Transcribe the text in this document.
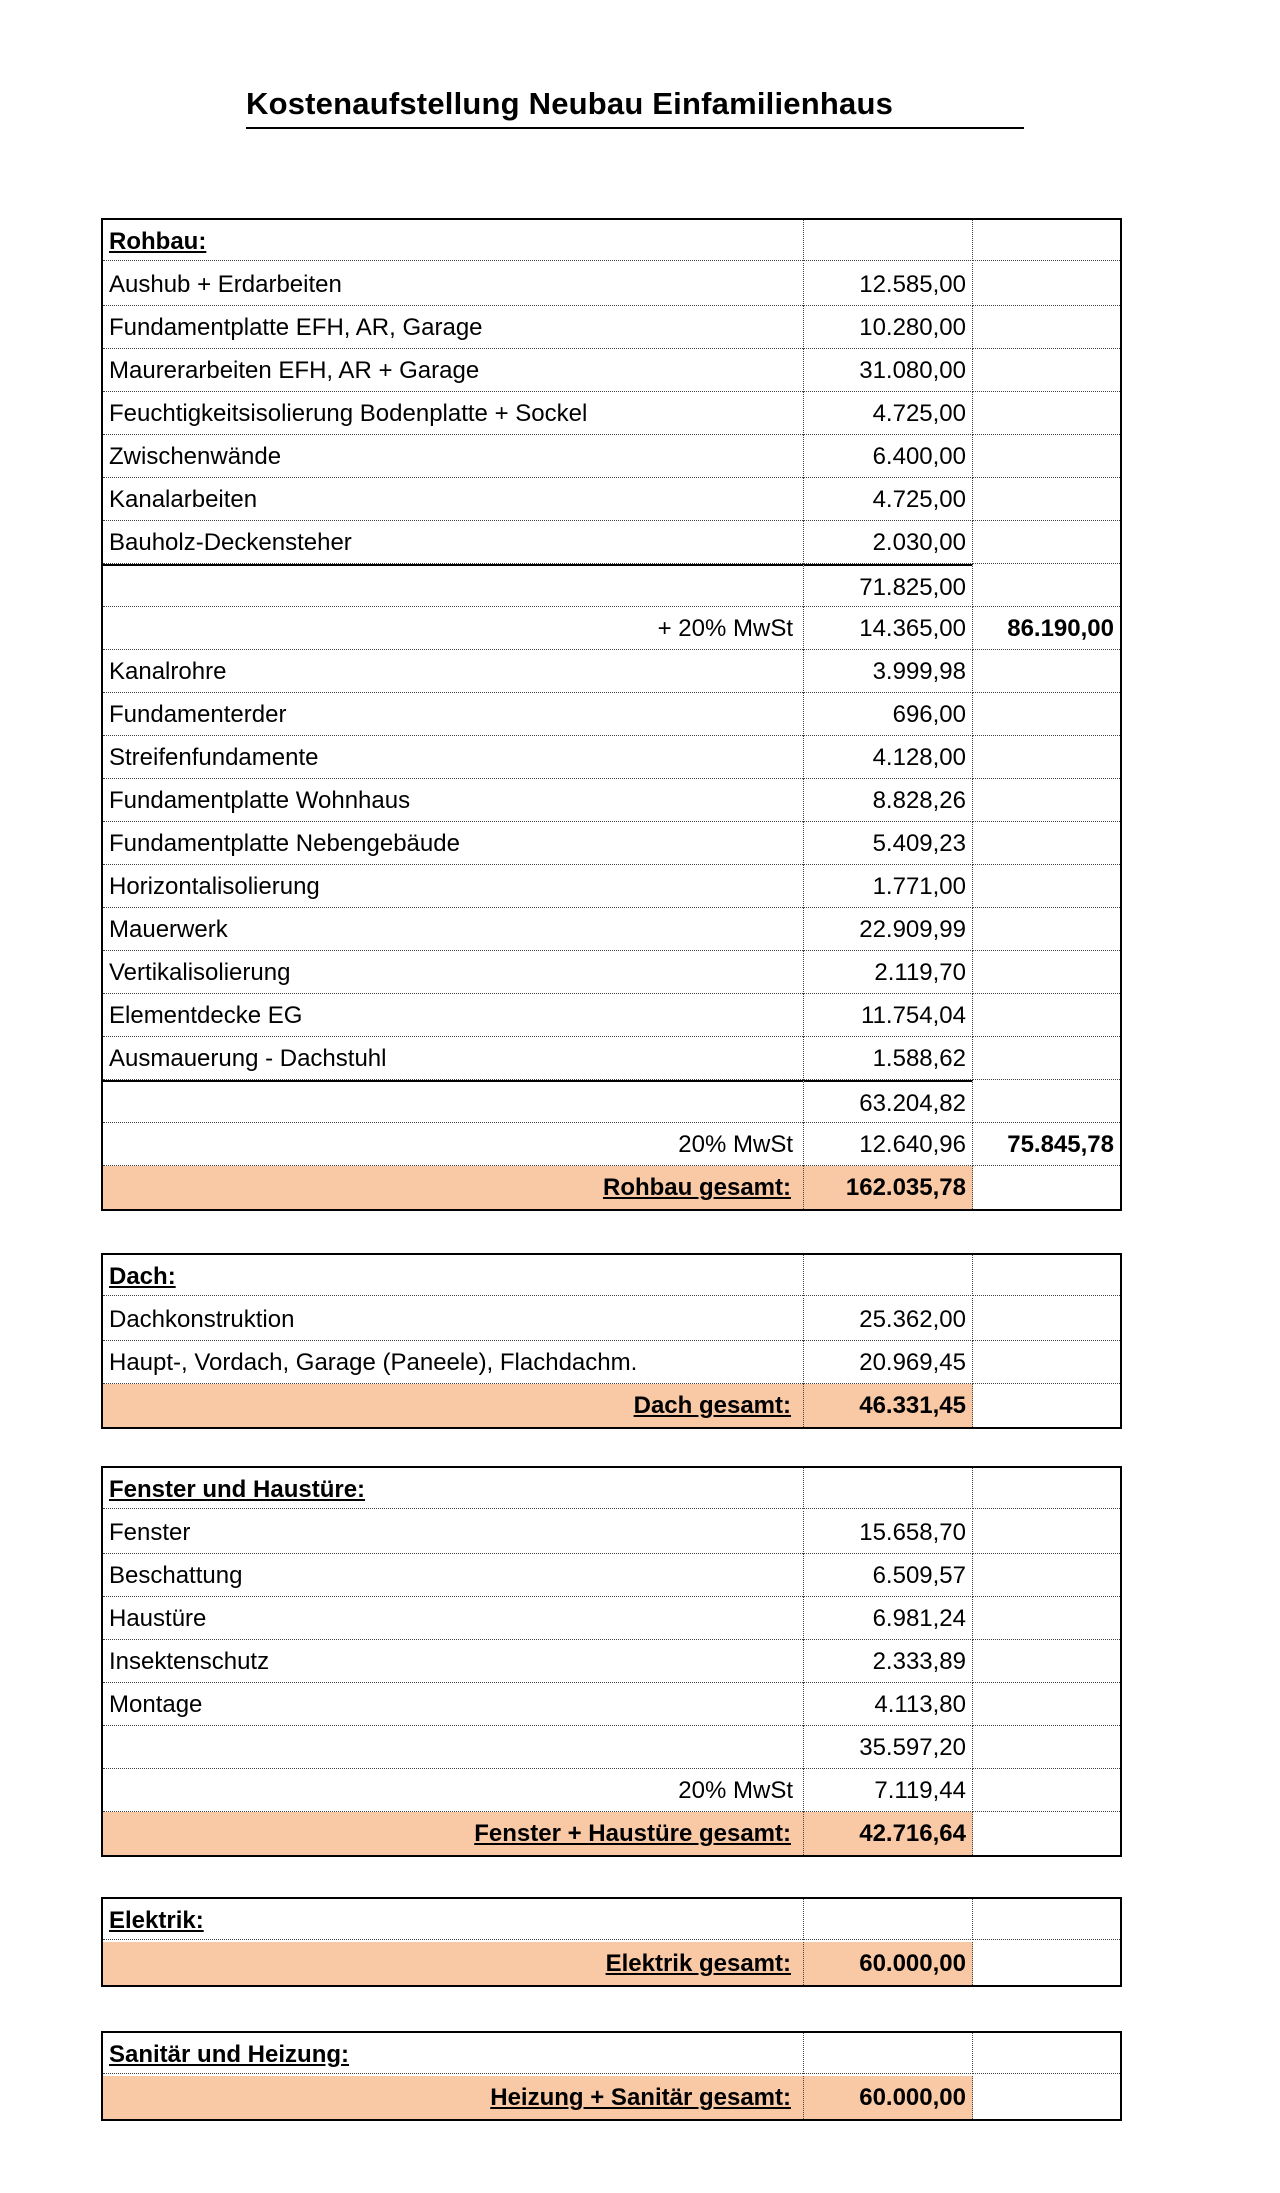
Kostenaufstellung Neubau Einfamilienhaus
Rohbau:
Aushub + Erdarbeiten	12.585,00
Fundamentplatte EFH, AR, Garage	10.280,00
Maurerarbeiten EFH, AR + Garage	31.080,00
Feuchtigkeitsisolierung Bodenplatte + Sockel	4.725,00
Zwischenwände	6.400,00
Kanalarbeiten	4.725,00
Bauholz-Deckensteher	2.030,00
71.825,00
+ 20% MwSt	14.365,00	86.190,00
Kanalrohre	3.999,98
Fundamenterder	696,00
Streifenfundamente	4.128,00
Fundamentplatte Wohnhaus	8.828,26
Fundamentplatte Nebengebäude	5.409,23
Horizontalisolierung	1.771,00
Mauerwerk	22.909,99
Vertikalisolierung	2.119,70
Elementdecke EG	11.754,04
Ausmauerung - Dachstuhl	1.588,62
63.204,82
20% MwSt	12.640,96	75.845,78
Rohbau gesamt:	162.035,78
Dach:
Dachkonstruktion	25.362,00
Haupt-, Vordach, Garage (Paneele), Flachdachm.	20.969,45
Dach gesamt:	46.331,45
Fenster und Haustüre:
Fenster	15.658,70
Beschattung	6.509,57
Haustüre	6.981,24
Insektenschutz	2.333,89
Montage	4.113,80
35.597,20
20% MwSt	7.119,44
Fenster + Haustüre gesamt:	42.716,64
Elektrik:
Elektrik gesamt:	60.000,00
Sanitär und Heizung:
Heizung + Sanitär gesamt:	60.000,00
